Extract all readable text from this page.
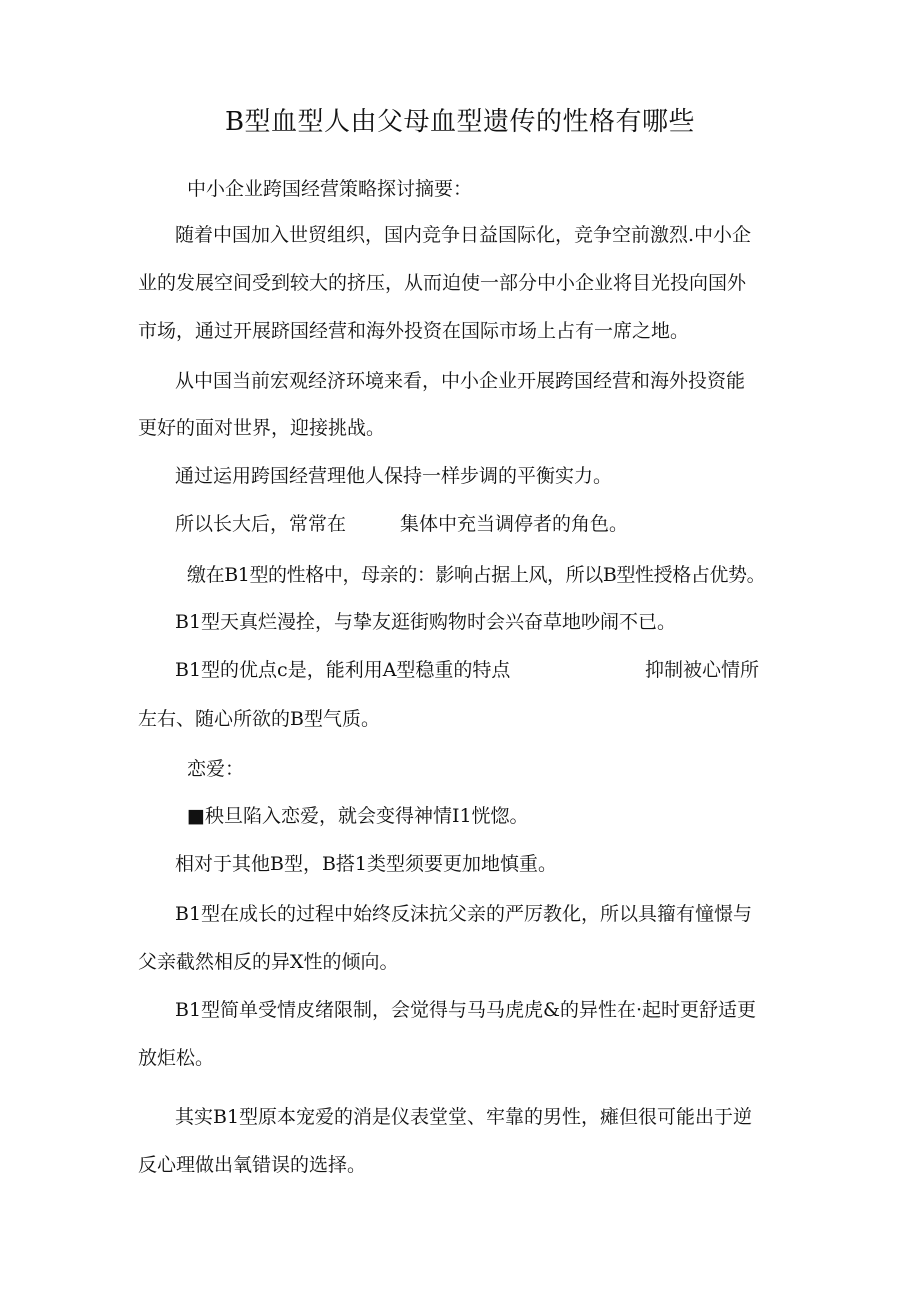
B型血型人由父母血型遗传的性格有哪些
中小企业跨国经营策略探讨摘要：
随着中国加入世贸组织，国内竞争日益国际化，竞争空前激烈.中小企
业的发展空间受到较大的挤压，从而迫使一部分中小企业将目光投向国外
市场，通过开展跻国经营和海外投资在国际市场上占有一席之地。
从中国当前宏观经济环境来看，中小企业开展跨国经营和海外投资能
更好的面对世界，迎接挑战。
通过运用跨国经营理他人保持一样步调的平衡实力。
所以长大后，常常在	集体中充当调停者的角色。
缴在B1型的性格中，母亲的：影响占据上风，所以B型性授格占优势。
B1型天真烂漫拴，与挚友逛街购物时会兴奋草地吵闹不已。
B1型的优点c是，能利用A型稳重的特点	抑制被心情所
左右、随心所欲的B型气质。
恋爱：
■秧旦陷入恋爱，就会变得神情I1恍惚。
相对于其他B型，B搭1类型须要更加地慎重。
B1型在成长的过程中始终反沫抗父亲的严厉教化，所以具籀有憧憬与
父亲截然相反的异X性的倾向。
B1型简单受情皮绪限制，会觉得与马马虎虎&的异性在·起时更舒适更
放炬松。
其实B1型原本宠爱的消是仪表堂堂、牢靠的男性，瘫但很可能出于逆
反心理做出氧错误的选择。
